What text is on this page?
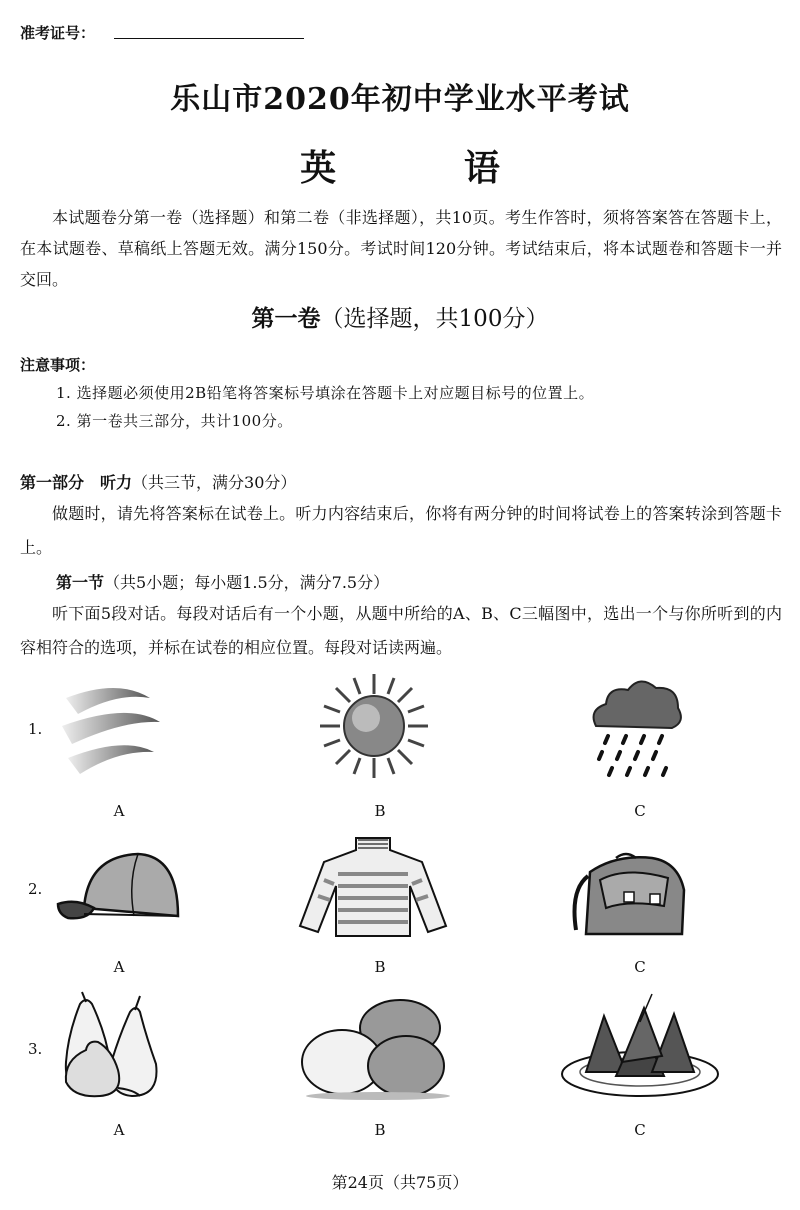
准考证号：
乐山市2020年初中学业水平考试
英 语
本试题卷分第一卷（选择题）和第二卷（非选择题），共10页。考生作答时，须将答案答在答题卡上，在本试题卷、草稿纸上答题无效。满分150分。考试时间120分钟。考试结束后，将本试题卷和答题卡一并交回。
第一卷（选择题，共100分）
注意事项：
1. 选择题必须使用2B铅笔将答案标号填涂在答题卡上对应题目标号的位置上。
2. 第一卷共三部分，共计100分。
第一部分　听力（共三节，满分30分）
做题时，请先将答案标在试卷上。听力内容结束后，你将有两分钟的时间将试卷上的答案转涂到答题卡上。
第一节（共5小题；每小题1.5分，满分7.5分）
听下面5段对话。每段对话后有一个小题，从题中所给的A、B、C三幅图中，选出一个与你所听到的内容相符合的选项，并标在试卷的相应位置。每段对话读两遍。
1.
A	B	C
2.
A	B	C
3.
A	B	C
第24页（共75页）
